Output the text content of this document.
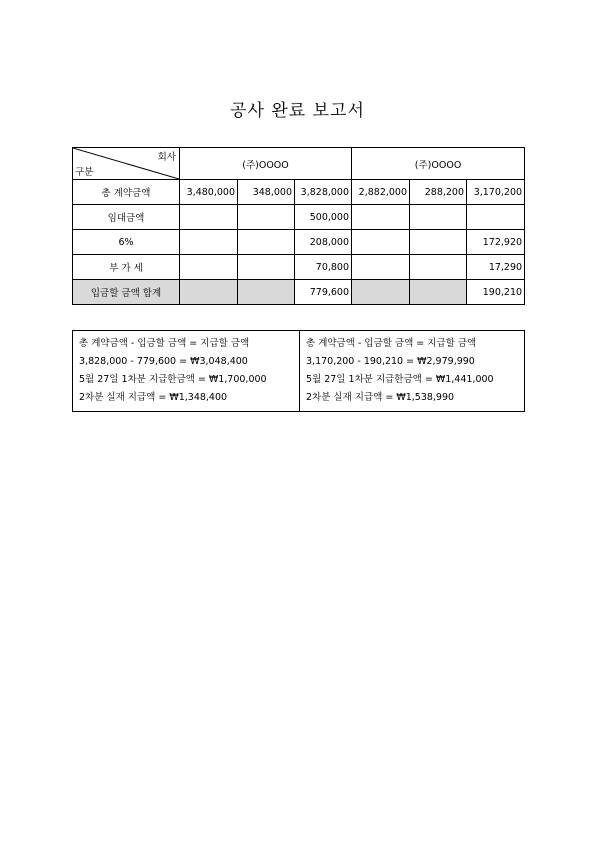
공사 완료 보고서
회사
구분	(주)OOOO			(주)OOOO		
총 계약금액	3,480,000	348,000	3,828,000	2,882,000	288,200	3,170,200
임대금액			500,000			
6%			208,000			172,920
부 가 세			70,800			17,290
입금할 금액 합계			779,600			190,210
총 계약금액 - 입금할 금액 = 지급할 금액
3,828,000 - 779,600 = ₩3,048,400
5월 27일 1차분 지급한금액 = ₩1,700,000
2차분 실재 지급액 = ₩1,348,400

총 계약금액 - 입금할 금액 = 지급할 금액
3,170,200 - 190,210 = ₩2,979,990
5월 27일 1차분 지급한금액 = ₩1,441,000
2차분 실재 지급액 = ₩1,538,990
